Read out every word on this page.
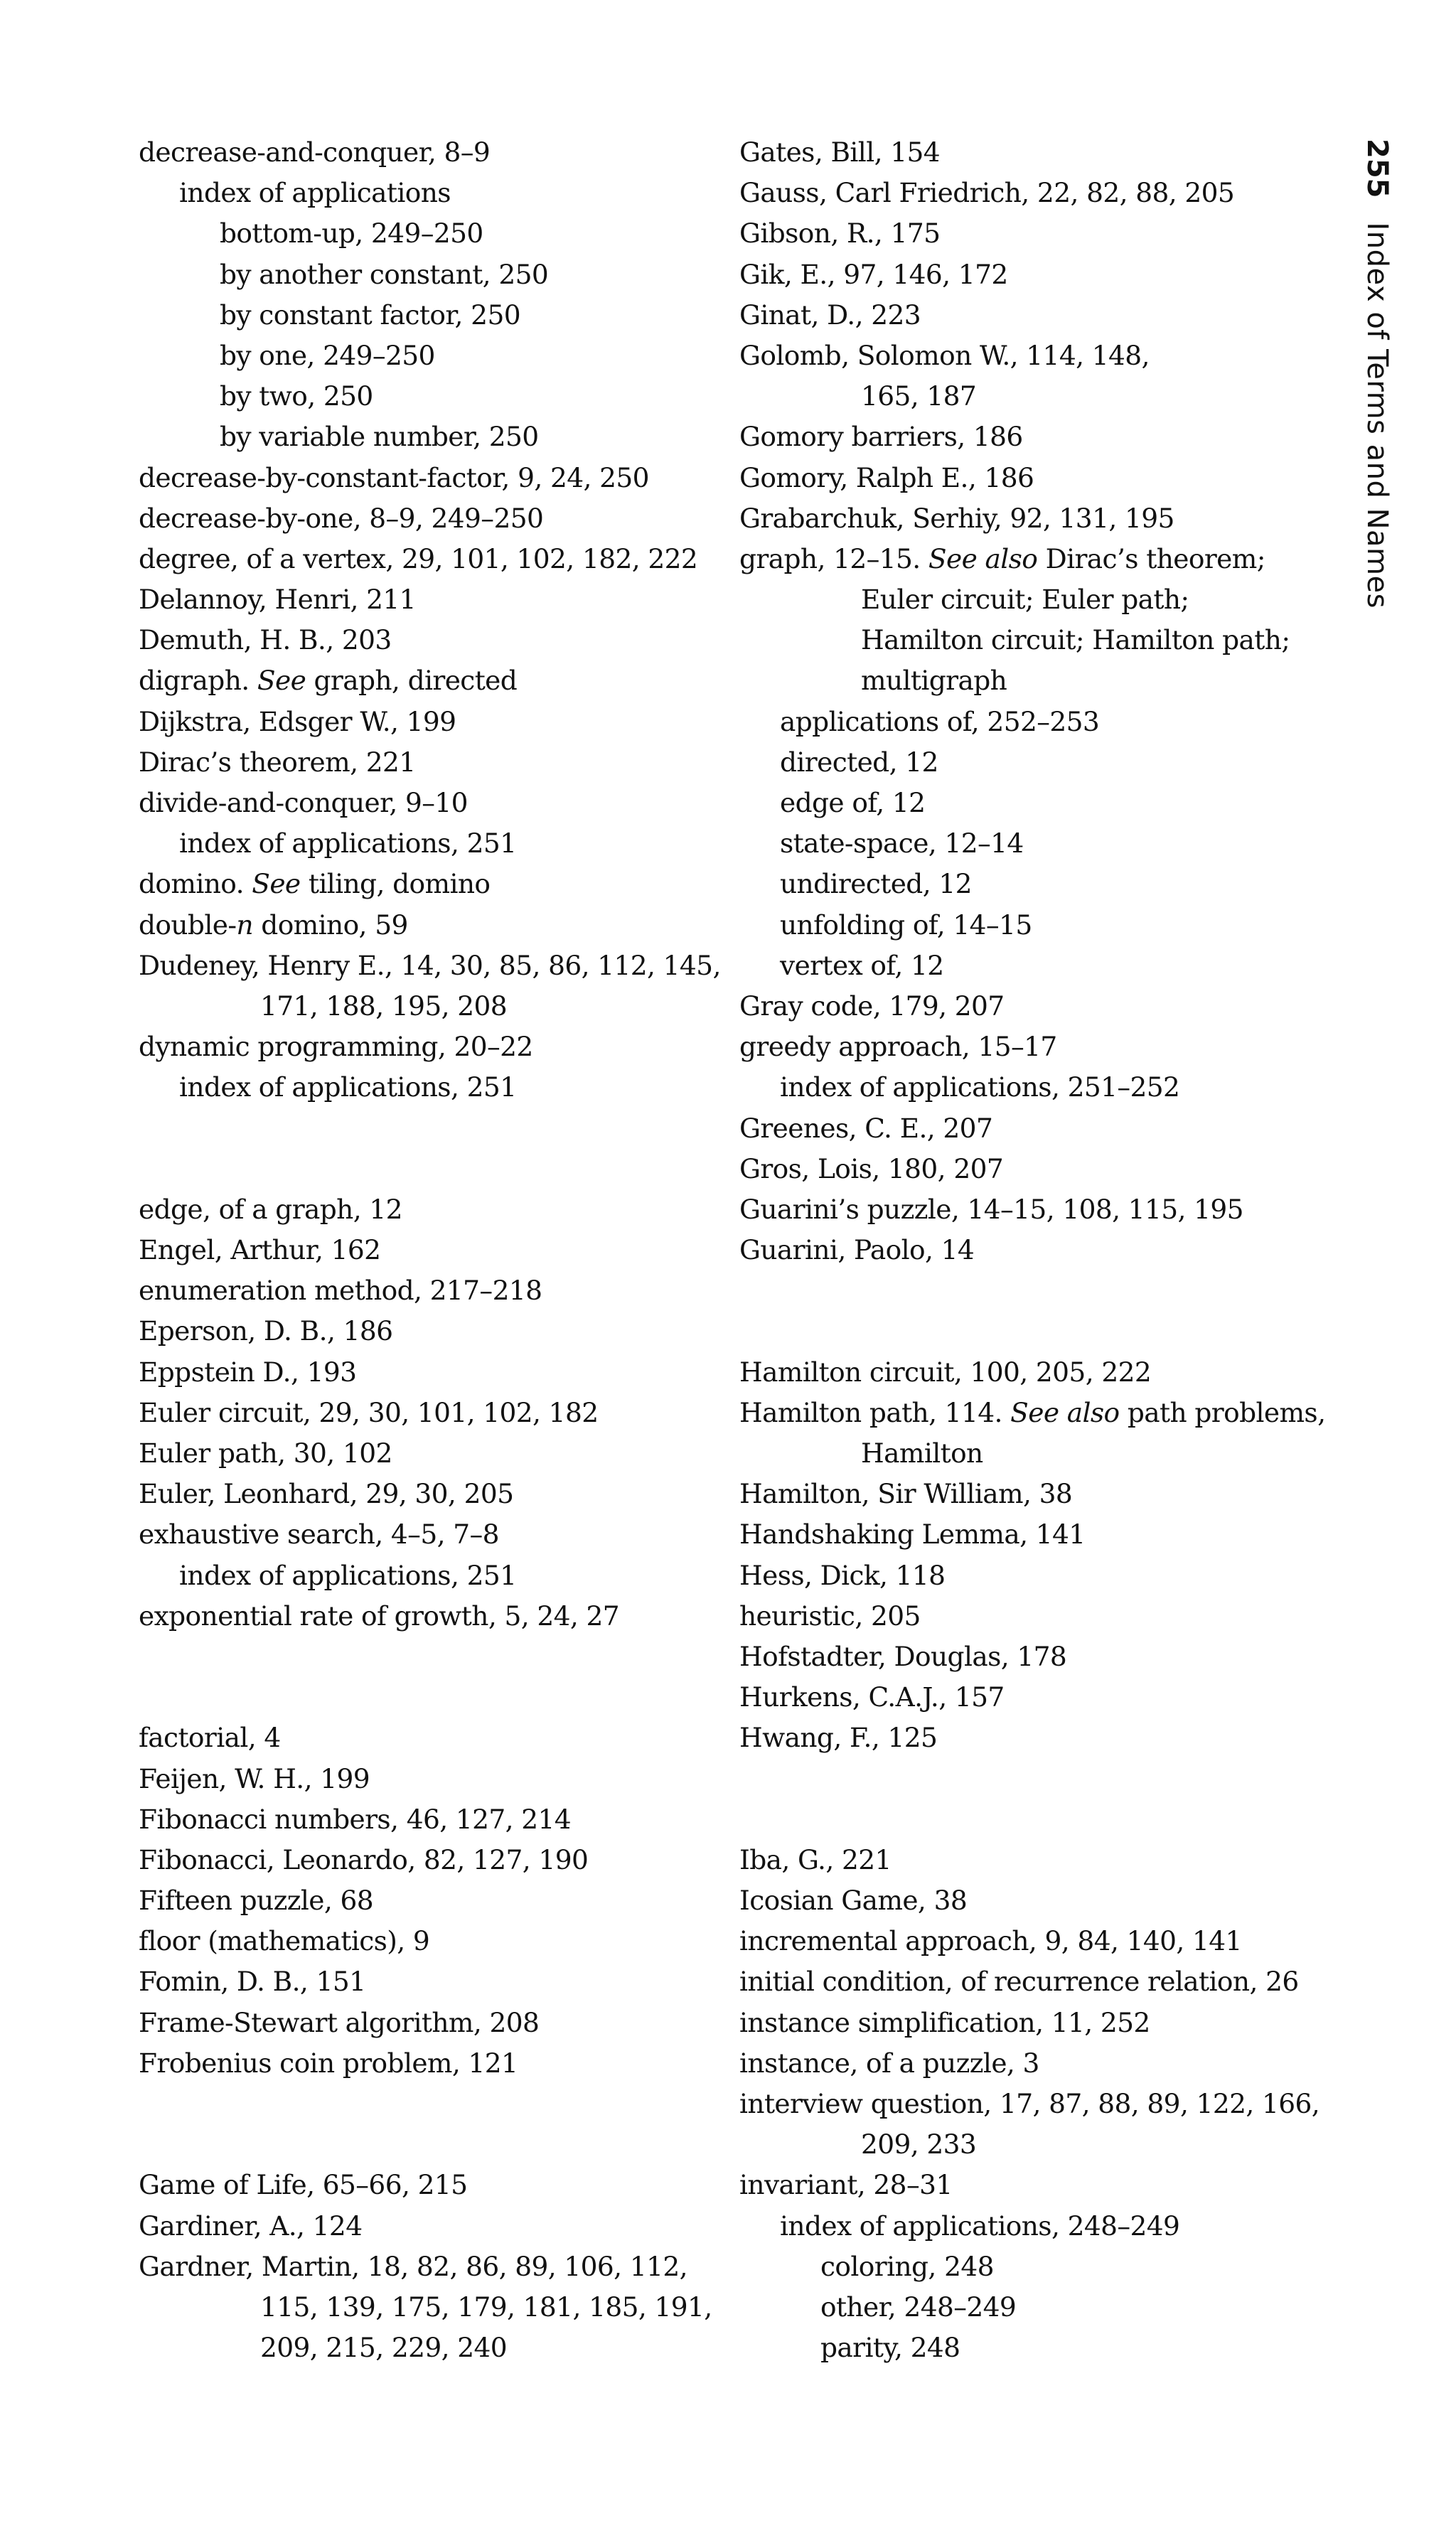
decrease-and-conquer, 8–9
index of applications
bottom-up, 249–250
by another constant, 250
by constant factor, 250
by one, 249–250
by two, 250
by variable number, 250
decrease-by-constant-factor, 9, 24, 250
decrease-by-one, 8–9, 249–250
degree, of a vertex, 29, 101, 102, 182, 222
Delannoy, Henri, 211
Demuth, H. B., 203
digraph. See graph, directed
Dijkstra, Edsger W., 199
Dirac’s theorem, 221
divide-and-conquer, 9–10
index of applications, 251
domino. See tiling, domino
double-n domino, 59
Dudeney, Henry E., 14, 30, 85, 86, 112, 145,
171, 188, 195, 208
dynamic programming, 20–22
index of applications, 251
edge, of a graph, 12
Engel, Arthur, 162
enumeration method, 217–218
Eperson, D. B., 186
Eppstein D., 193
Euler circuit, 29, 30, 101, 102, 182
Euler path, 30, 102
Euler, Leonhard, 29, 30, 205
exhaustive search, 4–5, 7–8
index of applications, 251
exponential rate of growth, 5, 24, 27
factorial, 4
Feijen, W. H., 199
Fibonacci numbers, 46, 127, 214
Fibonacci, Leonardo, 82, 127, 190
Fifteen puzzle, 68
floor (mathematics), 9
Fomin, D. B., 151
Frame-Stewart algorithm, 208
Frobenius coin problem, 121
Game of Life, 65–66, 215
Gardiner, A., 124
Gardner, Martin, 18, 82, 86, 89, 106, 112,
115, 139, 175, 179, 181, 185, 191,
209, 215, 229, 240
Gates, Bill, 154
Gauss, Carl Friedrich, 22, 82, 88, 205
Gibson, R., 175
Gik, E., 97, 146, 172
Ginat, D., 223
Golomb, Solomon W., 114, 148,
165, 187
Gomory barriers, 186
Gomory, Ralph E., 186
Grabarchuk, Serhiy, 92, 131, 195
graph, 12–15. See also Dirac’s theorem;
Euler circuit; Euler path;
Hamilton circuit; Hamilton path;
multigraph
applications of, 252–253
directed, 12
edge of, 12
state-space, 12–14
undirected, 12
unfolding of, 14–15
vertex of, 12
Gray code, 179, 207
greedy approach, 15–17
index of applications, 251–252
Greenes, C. E., 207
Gros, Lois, 180, 207
Guarini’s puzzle, 14–15, 108, 115, 195
Guarini, Paolo, 14
Hamilton circuit, 100, 205, 222
Hamilton path, 114. See also path problems,
Hamilton
Hamilton, Sir William, 38
Handshaking Lemma, 141
Hess, Dick, 118
heuristic, 205
Hofstadter, Douglas, 178
Hurkens, C.A.J., 157
Hwang, F., 125
Iba, G., 221
Icosian Game, 38
incremental approach, 9, 84, 140, 141
initial condition, of recurrence relation, 26
instance simplification, 11, 252
instance, of a puzzle, 3
interview question, 17, 87, 88, 89, 122, 166,
209, 233
invariant, 28–31
index of applications, 248–249
coloring, 248
other, 248–249
parity, 248
255
Index of Terms and Names
